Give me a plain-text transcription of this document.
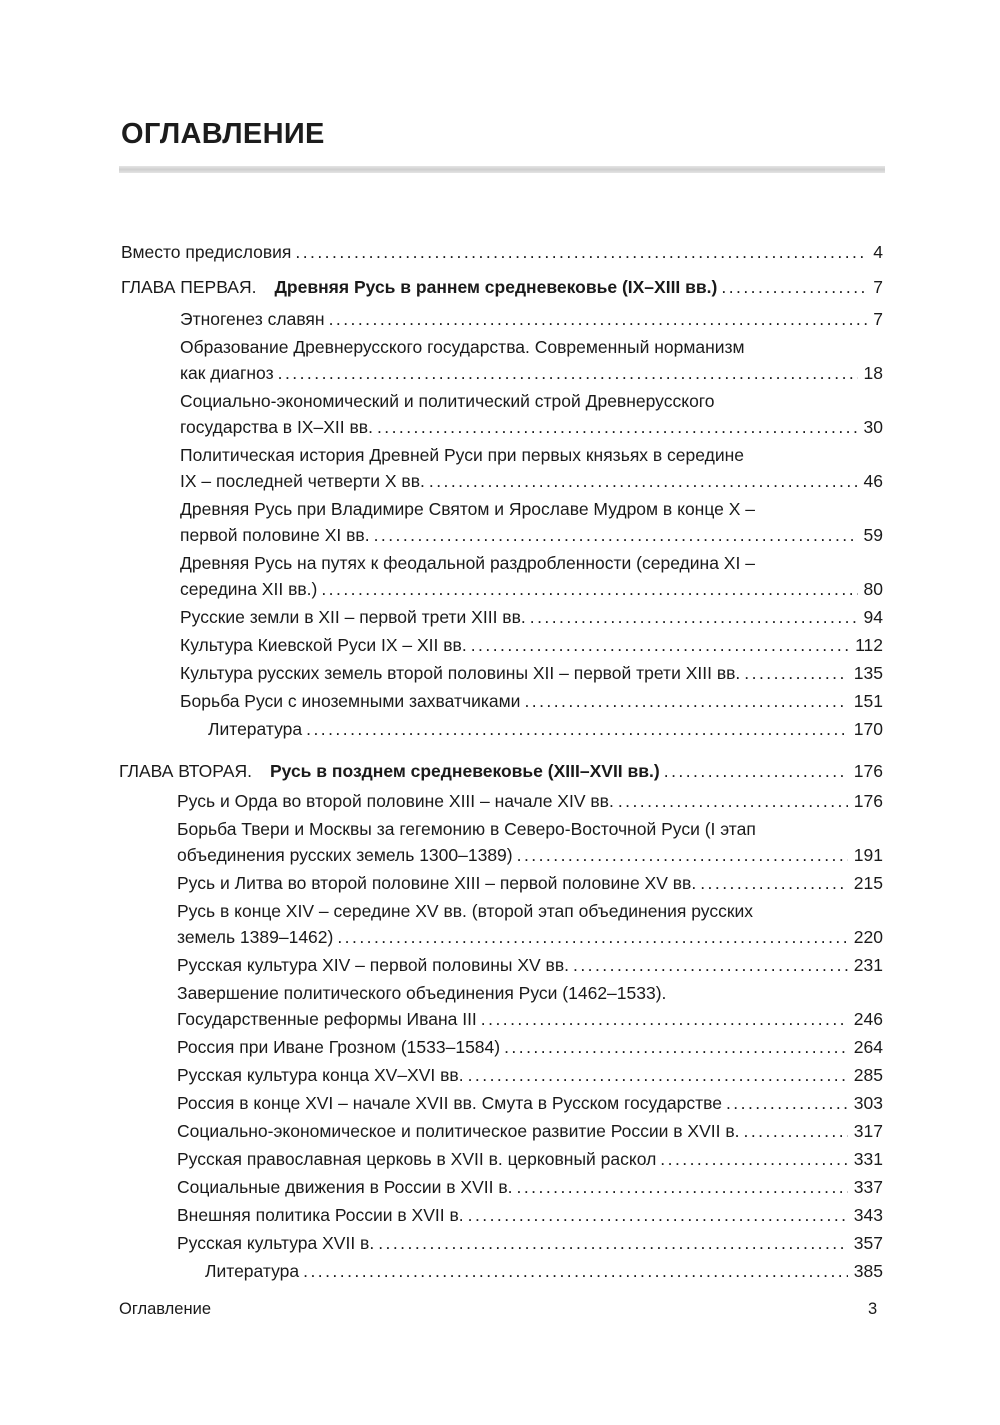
ОГЛАВЛЕНИЕ
Вместо предисловия . . .	4
ГЛАВА ПЕРВАЯ. Древняя Русь в раннем средневековье (IX–XIII вв.) . . .	7
Этногенез славян . . .	7
Образование Древнерусского государства. Современный норманизм
как диагноз . . .	18
Социально-экономический и политический строй Древнерусского
государства в IX–XII вв. . . .	30
Политическая история Древней Руси при первых князьях в середине
IX – последней четверти X вв. . . .	46
Древняя Русь при Владимире Святом и Ярославе Мудром в конце X –
первой половине XI вв. . . .	59
Древняя Русь на путях к феодальной раздробленности (середина XI –
середина XII вв.) . . .	80
Русские земли в XII – первой трети XIII вв. . . .	94
Культура Киевской Руси IX – XII вв. . . .	112
Культура русских земель второй половины XII – первой трети XIII вв. . . .	135
Борьба Руси с иноземными захватчиками . . .	151
Литература . . .	170
ГЛАВА ВТОРАЯ. Русь в позднем средневековье (XIII–XVII вв.) . . .	176
Русь и Орда во второй половине XIII – начале XIV вв. . . .	176
Борьба Твери и Москвы за гегемонию в Северо-Восточной Руси (I этап
объединения русских земель 1300–1389) . . .	191
Русь и Литва во второй половине XIII – первой половине XV вв. . . .	215
Русь в конце XIV – середине XV вв. (второй этап объединения русских
земель 1389–1462) . . .	220
Русская культура XIV – первой половины XV вв. . . .	231
Завершение политического объединения Руси (1462–1533).
Государственные реформы Ивана III . . .	246
Россия при Иване Грозном (1533–1584) . . .	264
Русская культура конца XV–XVI вв. . . .	285
Россия в конце XVI – начале XVII вв. Смута в Русском государстве . . .	303
Социально-экономическое и политическое развитие России в XVII в. . . .	317
Русская православная церковь в XVII в. церковный раскол . . .	331
Социальные движения в России в XVII в. . . .	337
Внешняя политика России в XVII в. . . .	343
Русская культура XVII в. . . .	357
Литература . . .	385
Оглавление	3
